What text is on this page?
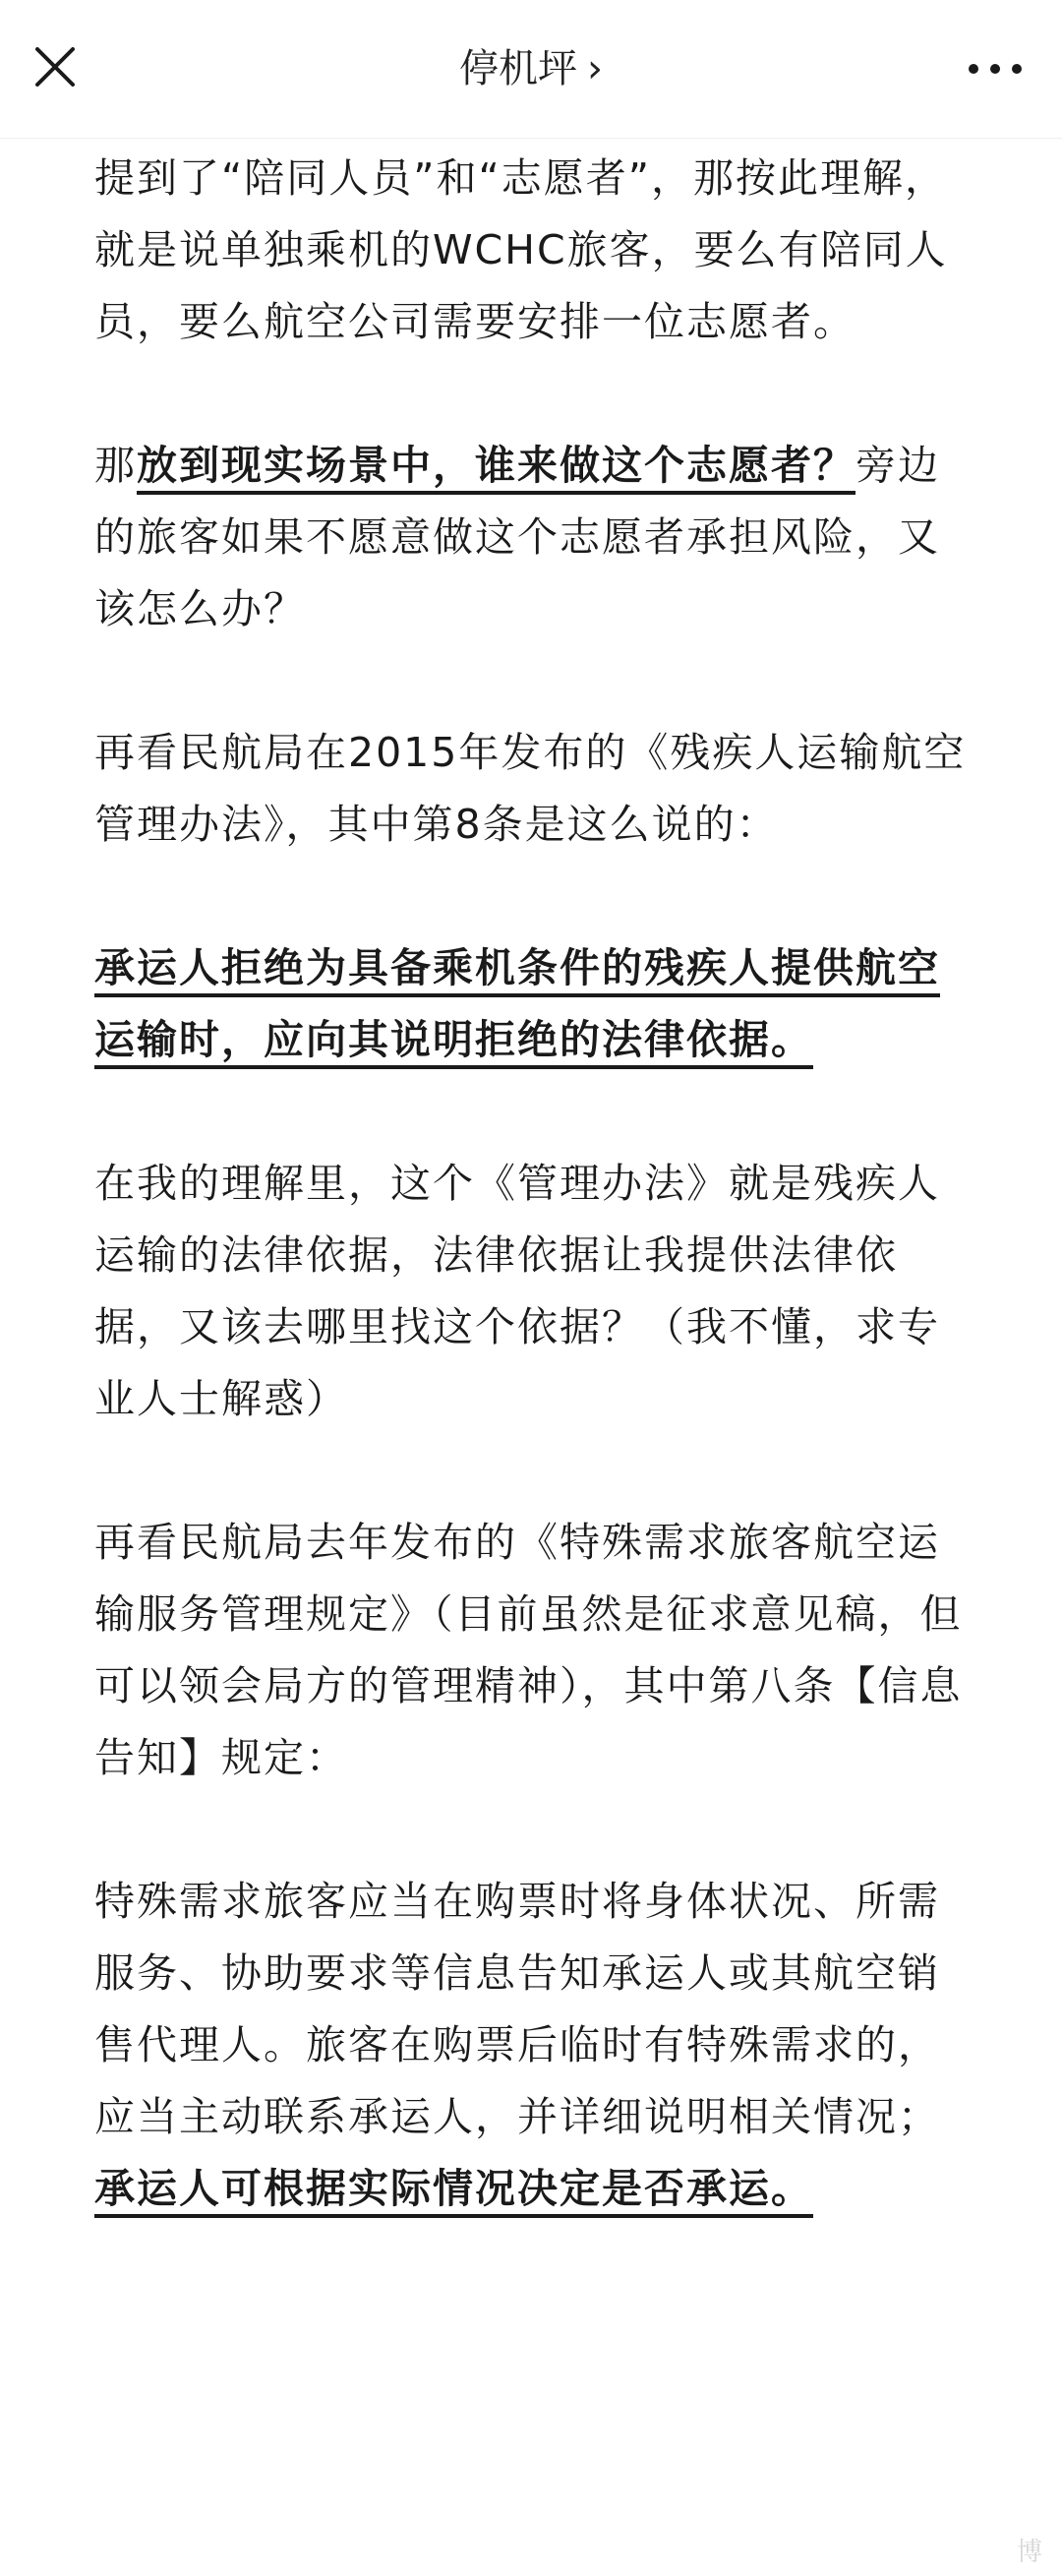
停机坪 ›

提到了“陪同人员”和“志愿者”，那按此理解，就是说单独乘机的WCHC旅客，要么有陪同人员，要么航空公司需要安排一位志愿者。

那放到现实场景中，谁来做这个志愿者？旁边的旅客如果不愿意做这个志愿者承担风险，又该怎么办？

再看民航局在2015年发布的《残疾人运输航空管理办法》，其中第8条是这么说的：

承运人拒绝为具备乘机条件的残疾人提供航空运输时，应向其说明拒绝的法律依据。

在我的理解里，这个《管理办法》就是残疾人运输的法律依据，法律依据让我提供法律依据，又该去哪里找这个依据？（我不懂，求专业人士解惑）

再看民航局去年发布的《特殊需求旅客航空运输服务管理规定》（目前虽然是征求意见稿，但可以领会局方的管理精神），其中第八条【信息告知】规定：

特殊需求旅客应当在购票时将身体状况、所需服务、协助要求等信息告知承运人或其航空销售代理人。旅客在购票后临时有特殊需求的，应当主动联系承运人，并详细说明相关情况；承运人可根据实际情况决定是否承运。

博
